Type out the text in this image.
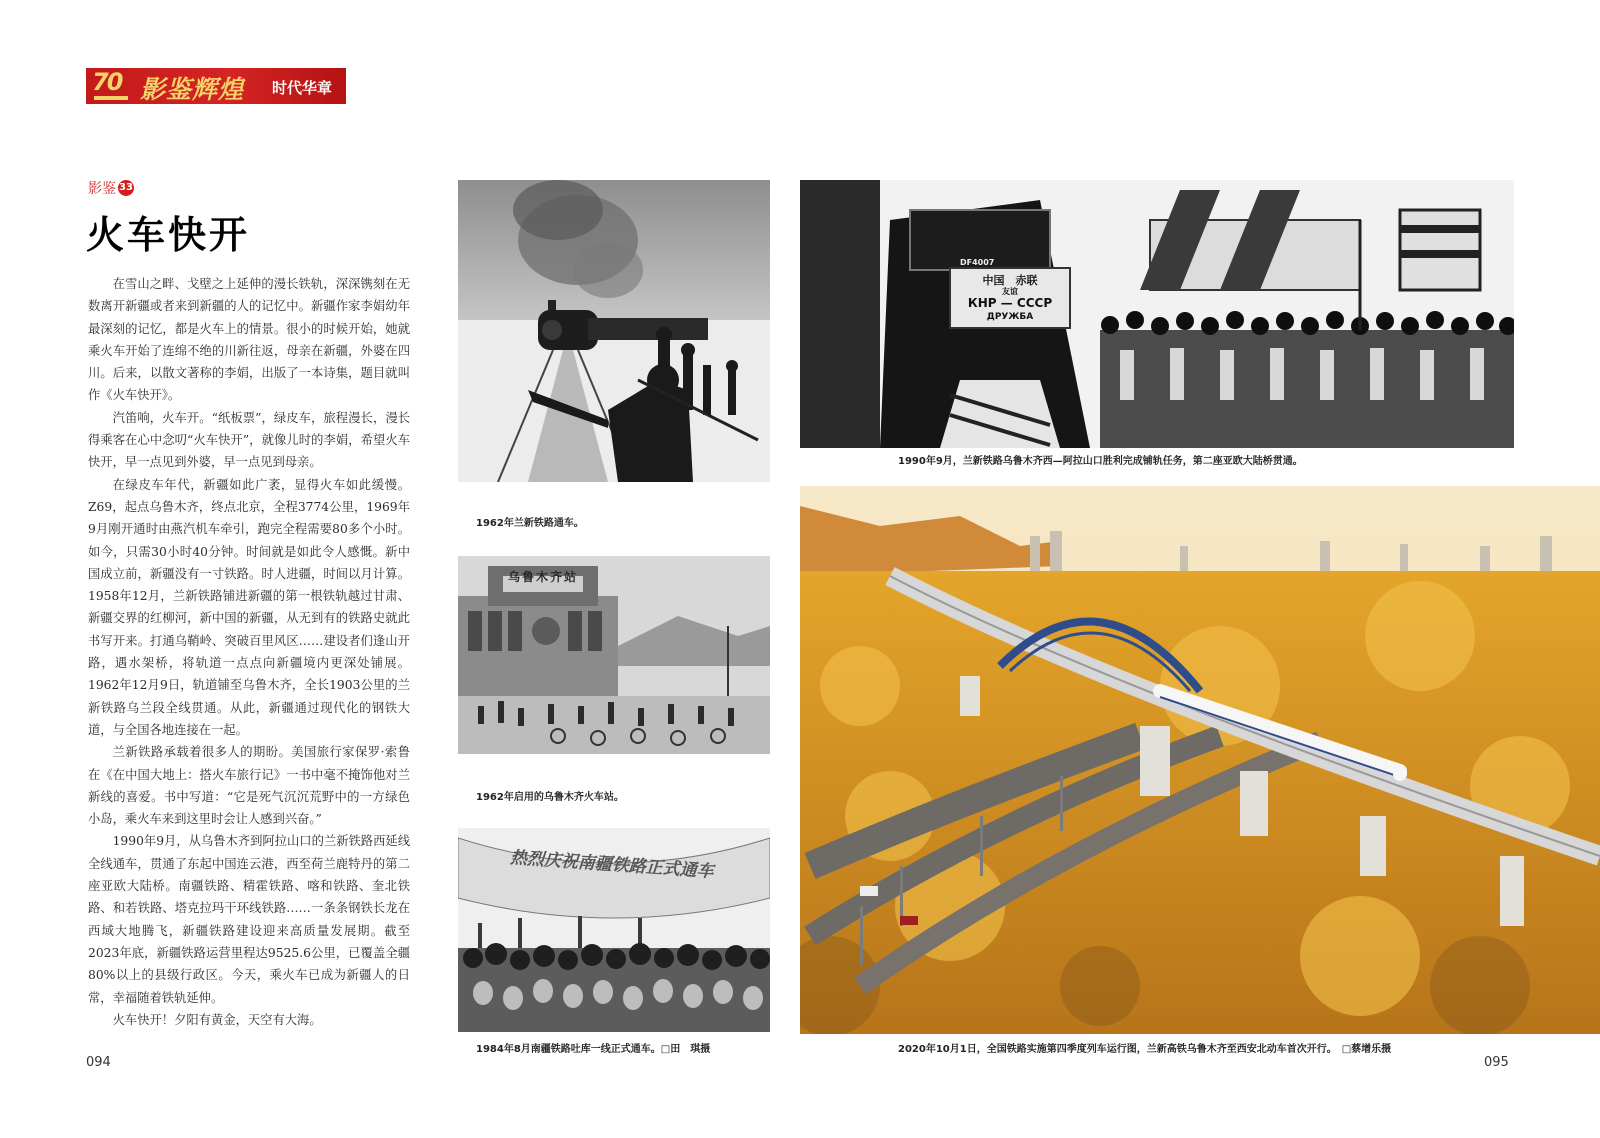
70 影鉴辉煌 时代华章
影鉴 33
火车快开

在雪山之畔、戈壁之上延伸的漫长铁轨，深深镌刻在无数离开新疆或者来到新疆的人的记忆中。新疆作家李娟幼年最深刻的记忆，都是火车上的情景。很小的时候开始，她就乘火车开始了连绵不绝的川新往返，母亲在新疆，外婆在四川。后来，以散文著称的李娟，出版了一本诗集，题目就叫作《火车快开》。

汽笛响，火车开。“纸板票”，绿皮车，旅程漫长，漫长得乘客在心中念叨“火车快开”，就像儿时的李娟，希望火车快开，早一点见到外婆，早一点见到母亲。

在绿皮车年代，新疆如此广袤，显得火车如此缓慢。Z69，起点乌鲁木齐，终点北京，全程3774公里，1969年9月刚开通时由燕汽机车牵引，跑完全程需要80多个小时。如今，只需30小时40分钟。时间就是如此令人感慨。新中国成立前，新疆没有一寸铁路。时人进疆，时间以月计算。1958年12月，兰新铁路铺进新疆的第一根铁轨越过甘肃、新疆交界的红柳河，新中国的新疆，从无到有的铁路史就此书写开来。打通乌鞘岭、突破百里风区……建设者们逢山开路，遇水架桥，将轨道一点点向新疆境内更深处铺展。1962年12月9日，轨道铺至乌鲁木齐，全长1903公里的兰新铁路乌兰段全线贯通。从此，新疆通过现代化的钢铁大道，与全国各地连接在一起。

兰新铁路承载着很多人的期盼。美国旅行家保罗·索鲁在《在中国大地上：搭火车旅行记》一书中毫不掩饰他对兰新线的喜爱。书中写道：“它是死气沉沉荒野中的一方绿色小岛，乘火车来到这里时会让人感到兴奋。”

1990年9月，从乌鲁木齐到阿拉山口的兰新铁路西延线全线通车，贯通了东起中国连云港，西至荷兰鹿特丹的第二座亚欧大陆桥。南疆铁路、精霍铁路、喀和铁路、奎北铁路、和若铁路、塔克拉玛干环线铁路……一条条钢铁长龙在西域大地腾飞，新疆铁路建设迎来高质量发展期。截至2023年底，新疆铁路运营里程达9525.6公里，已覆盖全疆80%以上的县级行政区。今天，乘火车已成为新疆人的日常，幸福随着铁轨延伸。

火车快开！夕阳有黄金，天空有大海。

1962年兰新铁路通车。
乌鲁木齐站
1962年启用的乌鲁木齐火车站。
热烈庆祝南疆铁路正式通车
1984年8月南疆铁路吐库一线正式通车。□田　琪摄
DF4007
中国　赤联
友谊
КНР — СССР
ДРУЖБА
1990年9月，兰新铁路乌鲁木齐西—阿拉山口胜利完成铺轨任务，第二座亚欧大陆桥贯通。
2020年10月1日，全国铁路实施第四季度列车运行图，兰新高铁乌鲁木齐至西安北动车首次开行。　□蔡增乐摄
094	095
